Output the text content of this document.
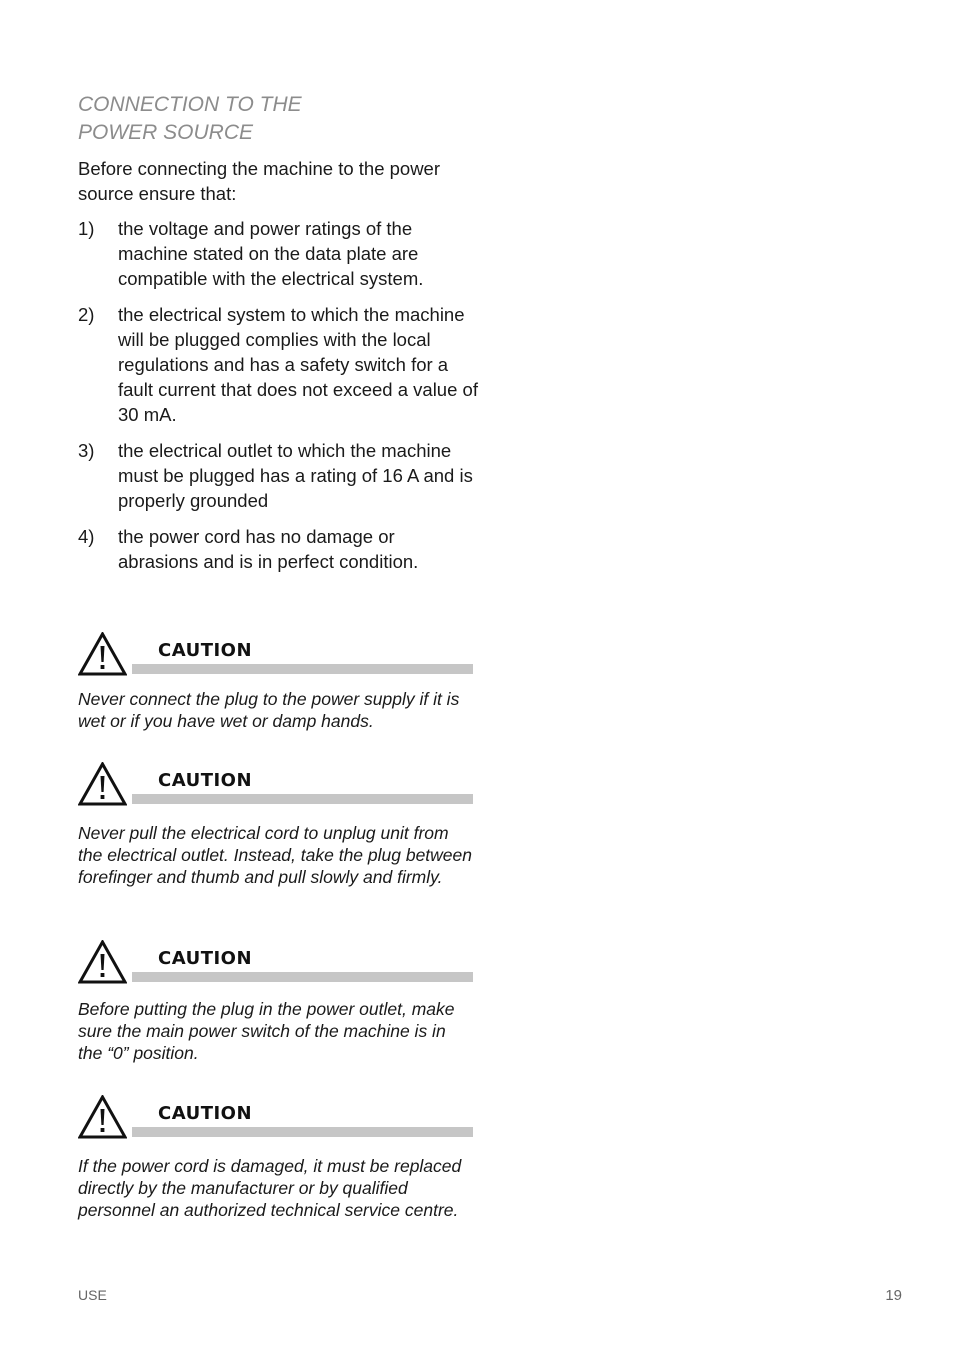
CONNECTION TO THE
POWER SOURCE
Before connecting the machine to the power source ensure that:
1) the voltage and power ratings of the machine stated on the data plate are compatible with the electrical system.
2) the electrical system to which the machine will be plugged complies with the local regulations and has a safety switch for a fault current that does not exceed a value of 30 mA.
3) the electrical outlet to which the machine must be plugged has a rating of 16 A and is properly grounded
4) the power cord has no damage or abrasions and is in perfect condition.
CAUTION
Never connect the plug to the power supply if it is wet or if you have wet or damp hands.
CAUTION
Never pull the electrical cord to unplug unit from the electrical outlet. Instead, take the plug between forefinger and thumb and pull slowly and firmly.
CAUTION
Before putting the plug in the power outlet, make sure the main power switch of the machine is in the “0” position.
CAUTION
If the power cord is damaged, it must be replaced directly by the manufacturer or by qualified personnel an authorized technical service centre.
USE	19
